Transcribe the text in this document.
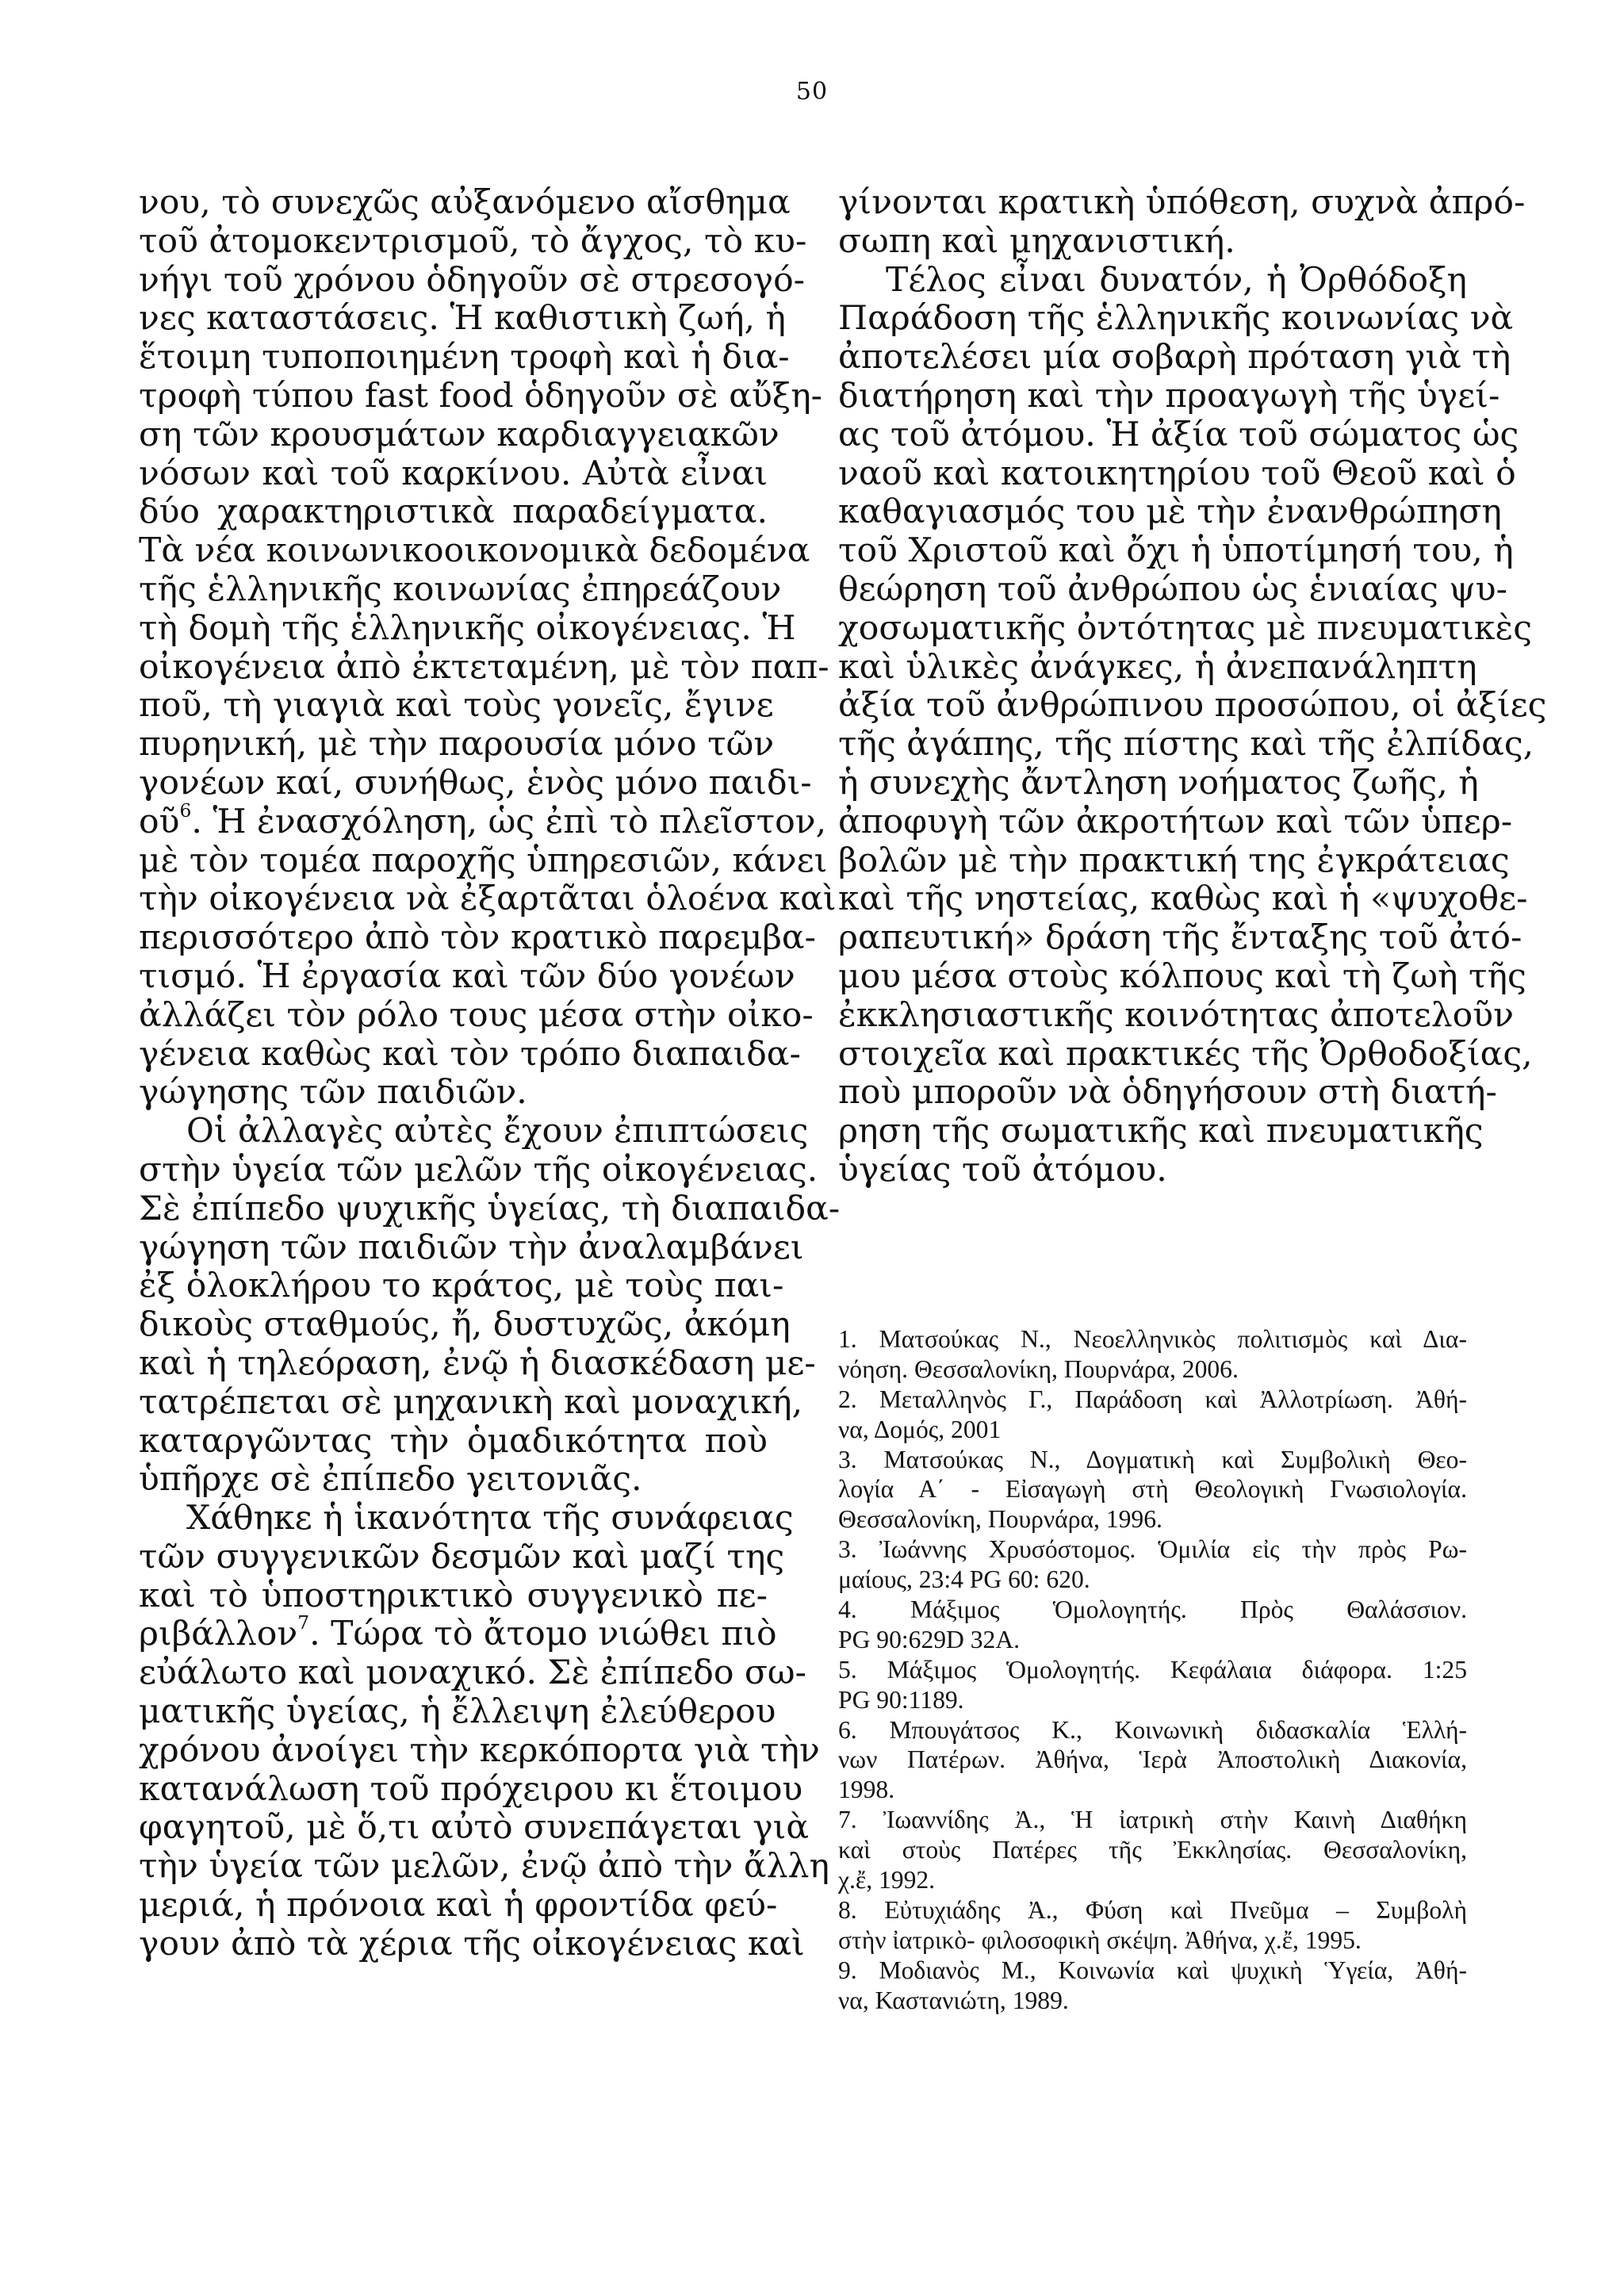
50
νου, τὸ συνεχῶς αὐξανόμενο αἴσθημα
τοῦ ἀτομοκεντρισμοῦ, τὸ ἄγχος, τὸ κυ-
νήγι τοῦ χρόνου ὁδηγοῦν σὲ στρεσογό-
νες καταστάσεις. Ἡ καθιστικὴ ζωή, ἡ
ἕτοιμη τυποποιημένη τροφὴ καὶ ἡ δια-
τροφὴ τύπου fast food ὁδηγοῦν σὲ αὔξη-
ση τῶν κρουσμάτων καρδιαγγειακῶν
νόσων καὶ τοῦ καρκίνου. Αὐτὰ εἶναι
δύο χαρακτηριστικὰ παραδείγματα.
Τὰ νέα κοινωνικοοικονομικὰ δεδομένα
τῆς ἑλληνικῆς κοινωνίας ἐπηρεάζουν
τὴ δομὴ τῆς ἑλληνικῆς οἰκογένειας. Ἡ
οἰκογένεια ἀπὸ ἐκτεταμένη, μὲ τὸν παπ-
ποῦ, τὴ γιαγιὰ καὶ τοὺς γονεῖς, ἔγινε
πυρηνική, μὲ τὴν παρουσία μόνο τῶν
γονέων καί, συνήθως, ἑνὸς μόνο παιδι-
οῦ$^6$. Ἡ ἐνασχόληση, ὡς ἐπὶ τὸ πλεῖστον,
μὲ τὸν τομέα παροχῆς ὑπηρεσιῶν, κάνει
τὴν οἰκογένεια νὰ ἐξαρτᾶται ὁλοένα καὶ
περισσότερο ἀπὸ τὸν κρατικὸ παρεμβα-
τισμό. Ἡ ἐργασία καὶ τῶν δύο γονέων
ἀλλάζει τὸν ρόλο τους μέσα στὴν οἰκο-
γένεια καθὼς καὶ τὸν τρόπο διαπαιδα-
γώγησης τῶν παιδιῶν.
Οἱ ἀλλαγὲς αὐτὲς ἔχουν ἐπιπτώσεις
στὴν ὑγεία τῶν μελῶν τῆς οἰκογένειας.
Σὲ ἐπίπεδο ψυχικῆς ὑγείας, τὴ διαπαιδα-
γώγηση τῶν παιδιῶν τὴν ἀναλαμβάνει
ἐξ ὁλοκλήρου το κράτος, μὲ τοὺς παι-
δικοὺς σταθμούς, ἤ, δυστυχῶς, ἀκόμη
καὶ ἡ τηλεόραση, ἐνῷ ἡ διασκέδαση με-
τατρέπεται σὲ μηχανικὴ καὶ μοναχική,
καταργῶντας τὴν ὁμαδικότητα ποὺ
ὑπῆρχε σὲ ἐπίπεδο γειτονιᾶς.
Χάθηκε ἡ ἱκανότητα τῆς συνάφειας
τῶν συγγενικῶν δεσμῶν καὶ μαζί της
καὶ τὸ ὑποστηρικτικὸ συγγενικὸ πε-
ριβάλλον$^7$. Τώρα τὸ ἄτομο νιώθει πιὸ
εὐάλωτο καὶ μοναχικό. Σὲ ἐπίπεδο σω-
ματικῆς ὑγείας, ἡ ἔλλειψη ἐλεύθερου
χρόνου ἀνοίγει τὴν κερκόπορτα γιὰ τὴν
κατανάλωση τοῦ πρόχειρου κι ἕτοιμου
φαγητοῦ, μὲ ὅ,τι αὐτὸ συνεπάγεται γιὰ
τὴν ὑγεία τῶν μελῶν, ἐνῷ ἀπὸ τὴν ἄλλη
μεριά, ἡ πρόνοια καὶ ἡ φροντίδα φεύ-
γουν ἀπὸ τὰ χέρια τῆς οἰκογένειας καὶ
γίνονται κρατικὴ ὑπόθεση, συχνὰ ἀπρό-
σωπη καὶ μηχανιστική.
Τέλος εἶναι δυνατόν, ἡ Ὀρθόδοξη
Παράδοση τῆς ἑλληνικῆς κοινωνίας νὰ
ἀποτελέσει μία σοβαρὴ πρόταση γιὰ τὴ
διατήρηση καὶ τὴν προαγωγὴ τῆς ὑγεί-
ας τοῦ ἀτόμου. Ἡ ἀξία τοῦ σώματος ὡς
ναοῦ καὶ κατοικητηρίου τοῦ Θεοῦ καὶ ὁ
καθαγιασμός του μὲ τὴν ἐνανθρώπηση
τοῦ Χριστοῦ καὶ ὄχι ἡ ὑποτίμησή του, ἡ
θεώρηση τοῦ ἀνθρώπου ὡς ἑνιαίας ψυ-
χοσωματικῆς ὀντότητας μὲ πνευματικὲς
καὶ ὑλικὲς ἀνάγκες, ἡ ἀνεπανάληπτη
ἀξία τοῦ ἀνθρώπινου προσώπου, οἱ ἀξίες
τῆς ἀγάπης, τῆς πίστης καὶ τῆς ἐλπίδας,
ἡ συνεχὴς ἄντληση νοήματος ζωῆς, ἡ
ἀποφυγὴ τῶν ἀκροτήτων καὶ τῶν ὑπερ-
βολῶν μὲ τὴν πρακτική της ἐγκράτειας
καὶ τῆς νηστείας, καθὼς καὶ ἡ «ψυχοθε-
ραπευτική» δράση τῆς ἔνταξης τοῦ ἀτό-
μου μέσα στοὺς κόλπους καὶ τὴ ζωὴ τῆς
ἐκκλησιαστικῆς κοινότητας ἀποτελοῦν
στοιχεῖα καὶ πρακτικές τῆς Ὀρθοδοξίας,
ποὺ μποροῦν νὰ ὁδηγήσουν στὴ διατή-
ρηση τῆς σωματικῆς καὶ πνευματικῆς
ὑγείας τοῦ ἀτόμου.
1. Ματσούκας Ν., Νεοελληνικὸς πολιτισμὸς καὶ Δια-
νόηση. Θεσσαλονίκη, Πουρνάρα, 2006.
2. Μεταλληνὸς Γ., Παράδοση καὶ Ἀλλοτρίωση. Ἀθή-
να, Δομός, 2001
3. Ματσούκας Ν., Δογματικὴ καὶ Συμβολικὴ Θεο-
λογία Α΄ - Εἰσαγωγὴ στὴ Θεολογικὴ Γνωσιολογία.
Θεσσαλονίκη, Πουρνάρα, 1996.
3. Ἰωάννης Χρυσόστομος. Ὁμιλία εἰς τὴν πρὸς Ρω-
μαίους, 23:4 PG 60: 620.
4. Μάξιμος Ὁμολογητής. Πρὸς Θαλάσσιον.
PG 90:629D 32A.
5. Μάξιμος Ὁμολογητής. Κεφάλαια διάφορα. 1:25
PG 90:1189.
6. Μπουγάτσος Κ., Κοινωνικὴ διδασκαλία Ἑλλή-
νων Πατέρων. Ἀθήνα, Ἱερὰ Ἀποστολικὴ Διακονία,
1998.
7. Ἰωαννίδης Ἀ., Ἡ ἰατρικὴ στὴν Καινὴ Διαθήκη
καὶ στοὺς Πατέρες τῆς Ἐκκλησίας. Θεσσαλονίκη,
χ.ἔ, 1992.
8. Εὐτυχιάδης Ἀ., Φύση καὶ Πνεῦμα – Συμβολὴ
στὴν ἰατρικὸ- φιλοσοφικὴ σκέψη. Ἀθήνα, χ.ἔ, 1995.
9. Μοδιανὸς Μ., Κοινωνία καὶ ψυχικὴ Ὑγεία, Ἀθή-
να, Καστανιώτη, 1989.
